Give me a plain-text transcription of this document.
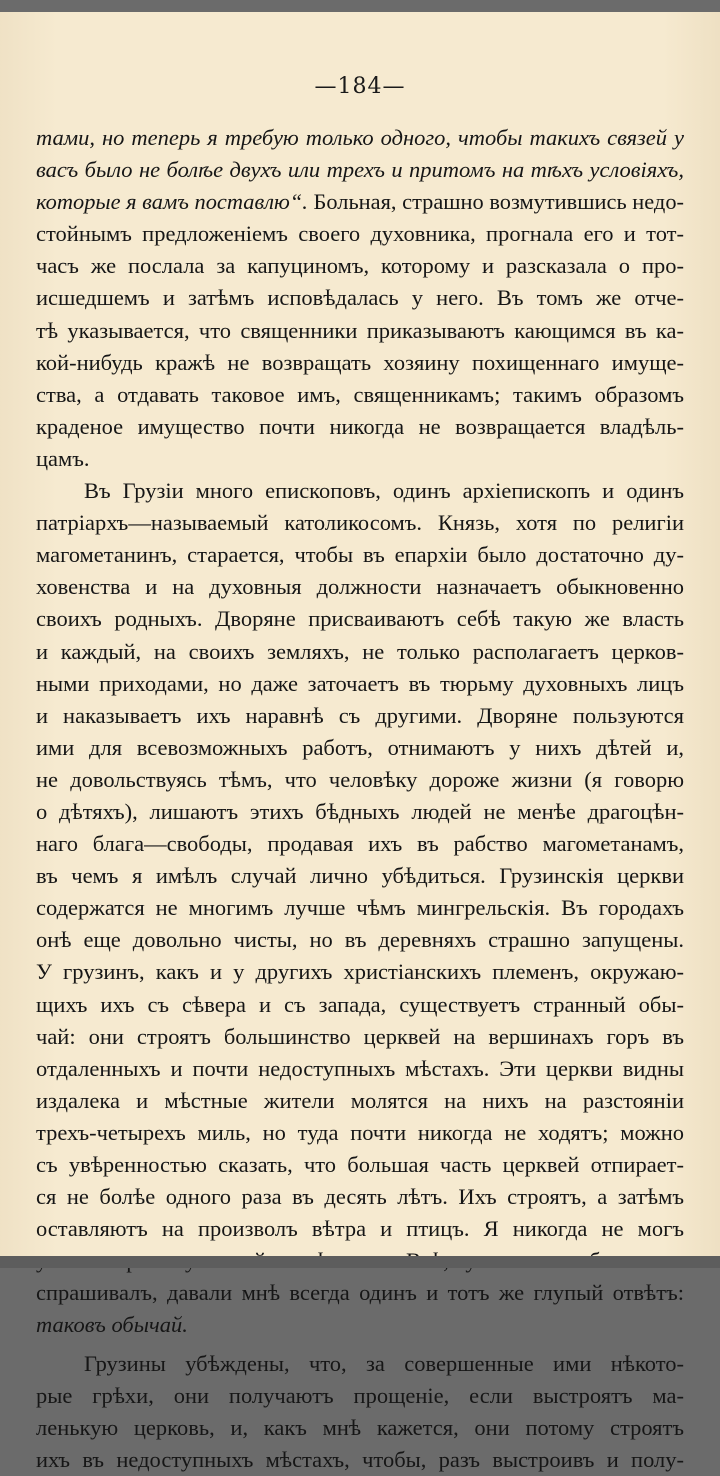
—184—
тами, но теперь я требую только одного, чтобы такихъ связей у
васъ было не болѣе двухъ или трехъ и притомъ на тѣхъ условіяхъ,
которые я вамъ поставлю“. Больная, страшно возмутившись недо-
стойнымъ предложеніемъ своего духовника, прогнала его и тот-
часъ же послала за капуциномъ, которому и разсказала о про-
исшедшемъ и затѣмъ исповѣдалась у него. Въ томъ же отче-
тѣ указывается, что священники приказываютъ кающимся въ ка-
кой-нибудь кражѣ не возвращать хозяину похищеннаго имуще-
ства, а отдавать таковое имъ, священникамъ; такимъ образомъ
краденое имущество почти никогда не возвращается владѣль-
цамъ.
Въ Грузіи много епископовъ, одинъ архіепископъ и одинъ
патріархъ—называемый католикосомъ. Князь, хотя по религіи
магометанинъ, старается, чтобы въ епархіи было достаточно ду-
ховенства и на духовныя должности назначаетъ обыкновенно
своихъ родныхъ. Дворяне присваиваютъ себѣ такую же власть
и каждый, на своихъ земляхъ, не только располагаетъ церков-
ными приходами, но даже заточаетъ въ тюрьму духовныхъ лицъ
и наказываетъ ихъ наравнѣ съ другими. Дворяне пользуются
ими для всевозможныхъ работъ, отнимаютъ у нихъ дѣтей и,
не довольствуясь тѣмъ, что человѣку дороже жизни (я говорю
о дѣтяхъ), лишаютъ этихъ бѣдныхъ людей не менѣе драгоцѣн-
наго блага—свободы, продавая ихъ въ рабство магометанамъ,
въ чемъ я имѣлъ случай лично убѣдиться. Грузинскія церкви
содержатся не многимъ лучше чѣмъ мингрельскія. Въ городахъ
онѣ еще довольно чисты, но въ деревняхъ страшно запущены.
У грузинъ, какъ и у другихъ христіанскихъ племенъ, окружаю-
щихъ ихъ съ сѣвера и съ запада, существуетъ странный обы-
чай: они строятъ большинство церквей на вершинахъ горъ въ
отдаленныхъ и почти недоступныхъ мѣстахъ. Эти церкви видны
издалека и мѣстные жители молятся на нихъ на разстояніи
трехъ-четырехъ миль, но туда почти никогда не ходятъ; можно
съ увѣренностью сказать, что большая часть церквей отпирает-
ся не болѣе одного раза въ десять лѣтъ. Ихъ строятъ, а затѣмъ
оставляютъ на произволъ вѣтра и птицъ. Я никогда не могъ
спрашивалъ, давали мнѣ всегда одинъ и тотъ же глупый отвѣтъ:
таковъ обычай.
Грузины убѣждены, что, за совершенные ими нѣкото-
рые грѣхи, они получаютъ прощеніе, если выстроятъ ма-
ленькую церковь, и, какъ мнѣ кажется, они потому строятъ
ихъ въ недоступныхъ мѣстахъ, чтобы, разъ выстроивъ и полу-
